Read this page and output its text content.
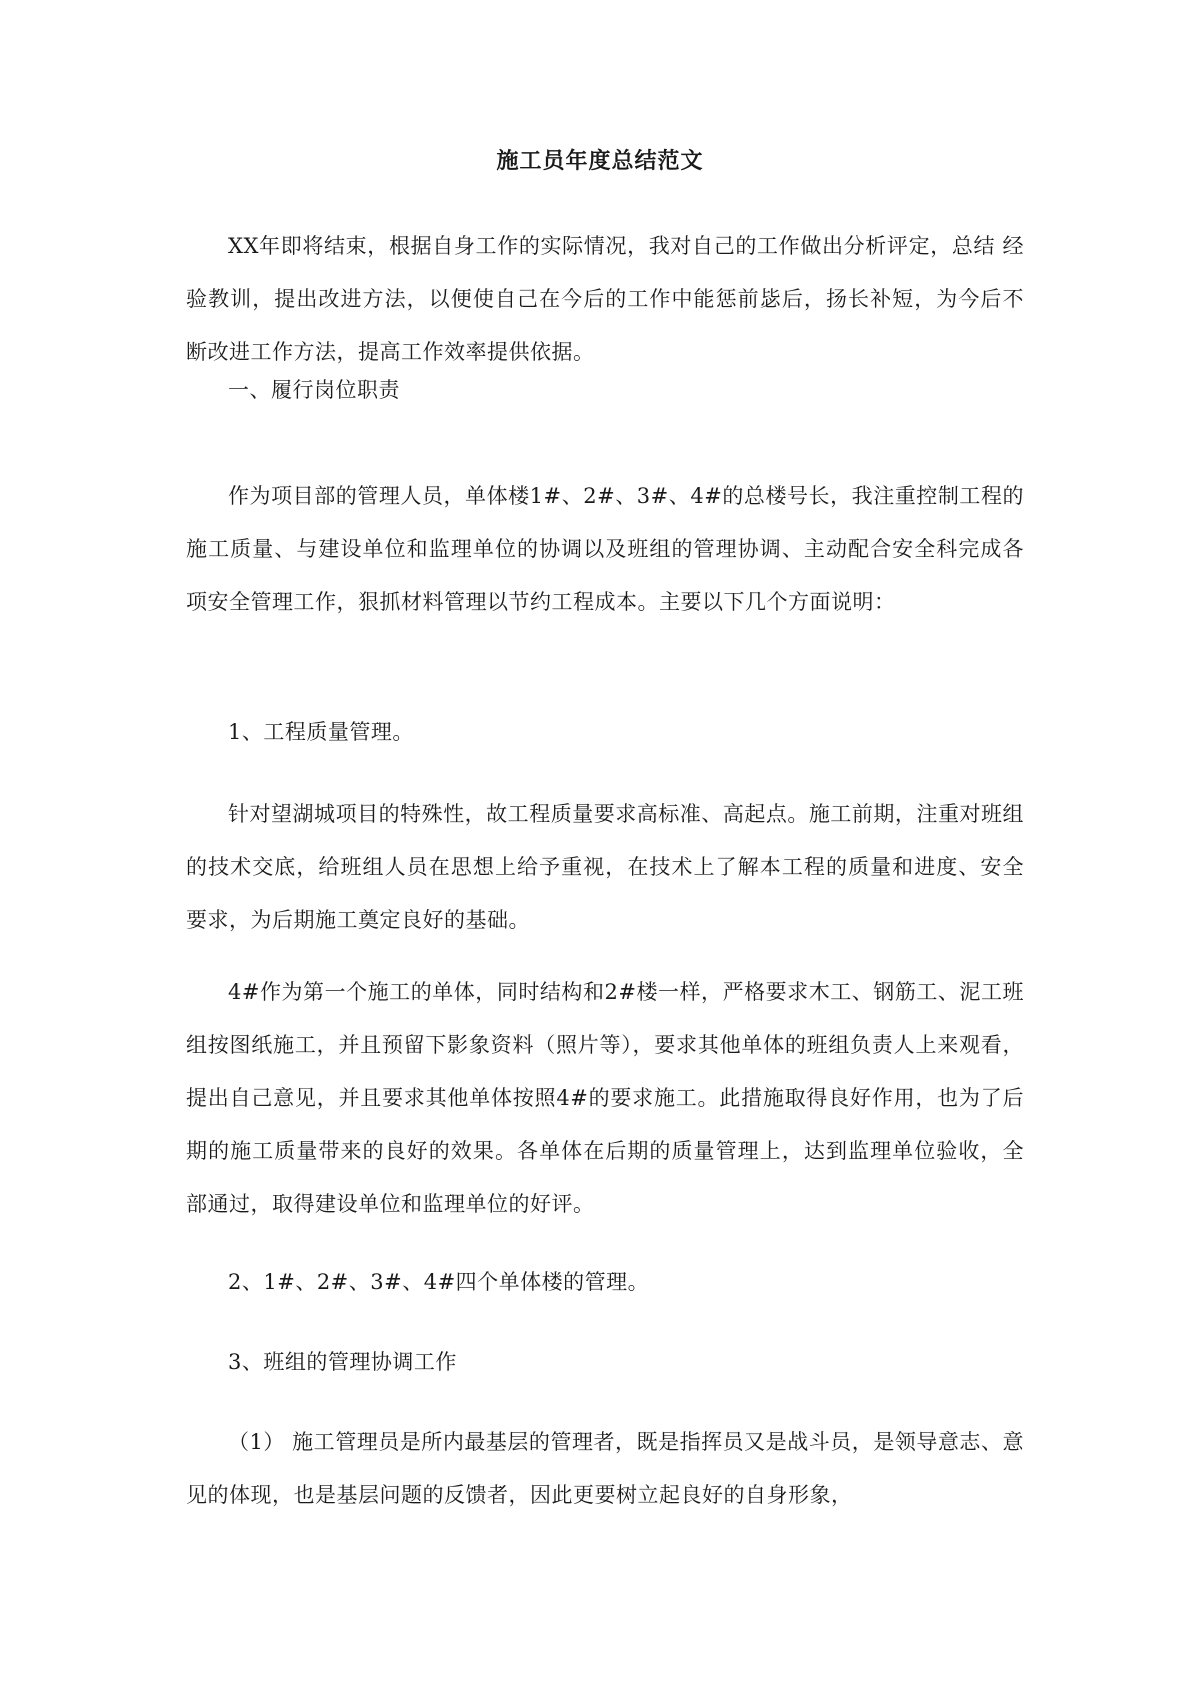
施工员年度总结范文
XX年即将结束，根据自身工作的实际情况，我对自己的工作做出分析评定，总结 经验教训，提出改进方法，以便使自己在今后的工作中能惩前毖后，扬长补短，为今后不断改进工作方法，提高工作效率提供依据。
一、履行岗位职责
作为项目部的管理人员，单体楼1#、2#、3#、4#的总楼号长，我注重控制工程的施工质量、与建设单位和监理单位的协调以及班组的管理协调、主动配合安全科完成各项安全管理工作，狠抓材料管理以节约工程成本。主要以下几个方面说明：
1、工程质量管理。
针对望湖城项目的特殊性，故工程质量要求高标准、高起点。施工前期，注重对班组的技术交底，给班组人员在思想上给予重视，在技术上了解本工程的质量和进度、安全要求，为后期施工奠定良好的基础。
4#作为第一个施工的单体，同时结构和2#楼一样，严格要求木工、钢筋工、泥工班组按图纸施工，并且预留下影象资料（照片等），要求其他单体的班组负责人上来观看，提出自己意见，并且要求其他单体按照4#的要求施工。此措施取得良好作用，也为了后期的施工质量带来的良好的效果。各单体在后期的质量管理上，达到监理单位验收，全部通过，取得建设单位和监理单位的好评。
2、1#、2#、3#、4#四个单体楼的管理。
3、班组的管理协调工作
（1） 施工管理员是所内最基层的管理者，既是指挥员又是战斗员，是领导意志、意见的体现，也是基层问题的反馈者，因此更要树立起良好的自身形象，
